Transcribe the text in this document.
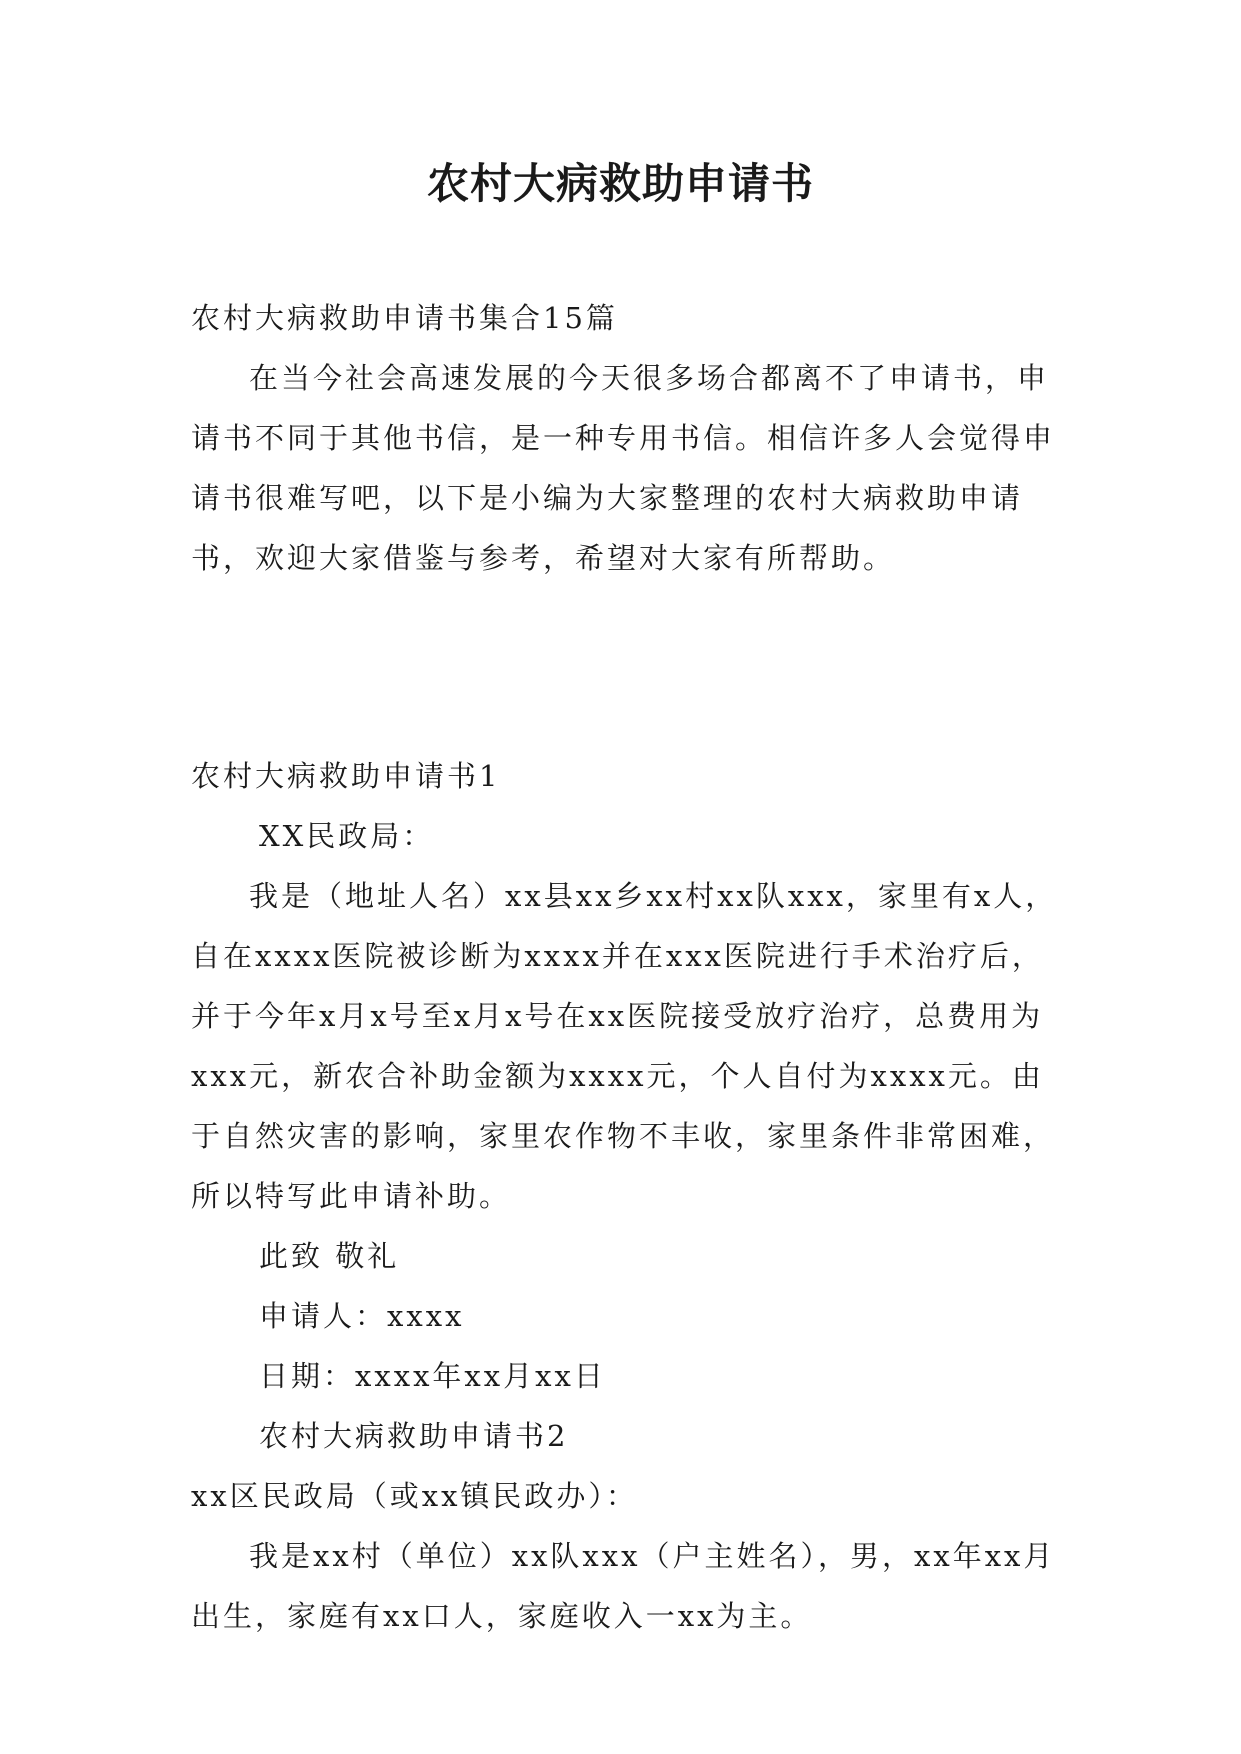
农村大病救助申请书

农村大病救助申请书集合15篇

在当今社会高速发展的今天很多场合都离不了申请书，申请书不同于其他书信，是一种专用书信。相信许多人会觉得申请书很难写吧，以下是小编为大家整理的农村大病救助申请书，欢迎大家借鉴与参考，希望对大家有所帮助。

农村大病救助申请书1

XX民政局：

我是（地址人名）xx县xx乡xx村xx队xxx，家里有x人，自在xxxx医院被诊断为xxxx并在xxx医院进行手术治疗后，并于今年x月x号至x月x号在xx医院接受放疗治疗，总费用为xxx元，新农合补助金额为xxxx元，个人自付为xxxx元。由于自然灾害的影响，家里农作物不丰收，家里条件非常困难，所以特写此申请补助。

此致 敬礼

申请人：xxxx

日期：xxxx年xx月xx日

农村大病救助申请书2

xx区民政局（或xx镇民政办）：

我是xx村（单位）xx队xxx（户主姓名），男，xx年xx月出生，家庭有xx口人，家庭收入一xx为主。
